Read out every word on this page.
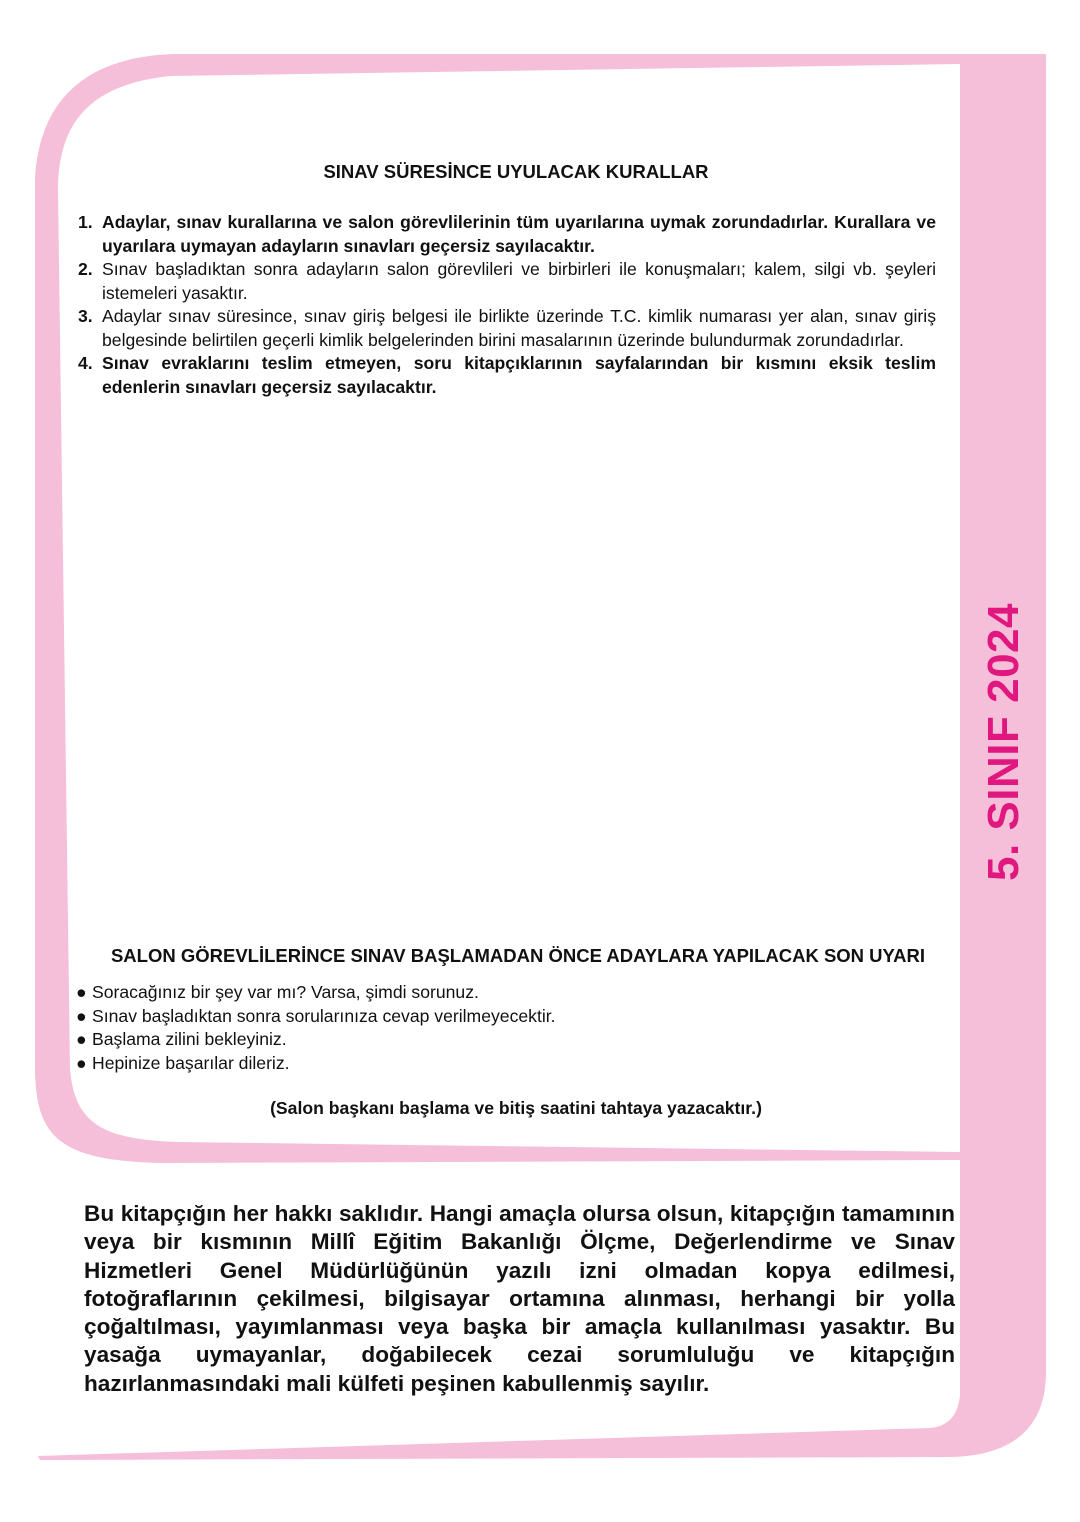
5. SINIF 2024
SINAV SÜRESİNCE UYULACAK KURALLAR
1. Adaylar, sınav kurallarına ve salon görevlilerinin tüm uyarılarına uymak zorundadırlar. Kurallara ve uyarılara uymayan adayların sınavları geçersiz sayılacaktır.
2. Sınav başladıktan sonra adayların salon görevlileri ve birbirleri ile konuşmaları; kalem, silgi vb. şeyleri istemeleri yasaktır.
3. Adaylar sınav süresince, sınav giriş belgesi ile birlikte üzerinde T.C. kimlik numarası yer alan, sınav giriş belgesinde belirtilen geçerli kimlik belgelerinden birini masalarının üzerinde bulundurmak zorundadırlar.
4. Sınav evraklarını teslim etmeyen, soru kitapçıklarının sayfalarından bir kısmını eksik teslim edenlerin sınavları geçersiz sayılacaktır.
SALON GÖREVLİLERİNCE SINAV BAŞLAMADAN ÖNCE ADAYLARA YAPILACAK SON UYARI
● Soracağınız bir şey var mı? Varsa, şimdi sorunuz.
● Sınav başladıktan sonra sorularınıza cevap verilmeyecektir.
● Başlama zilini bekleyiniz.
● Hepinize başarılar dileriz.
(Salon başkanı başlama ve bitiş saatini tahtaya yazacaktır.)

Bu kitapçığın her hakkı saklıdır. Hangi amaçla olursa olsun, kitapçığın tamamının veya bir kısmının Millî Eğitim Bakanlığı Ölçme, Değerlendirme ve Sınav Hizmetleri Genel Müdürlüğünün yazılı izni olmadan kopya edilmesi, fotoğraflarının çekilmesi, bilgisayar ortamına alınması, herhangi bir yolla çoğaltılması, yayımlanması veya başka bir amaçla kullanılması yasaktır. Bu yasağa uymayanlar, doğabilecek cezai sorumluluğu ve kitapçığın hazırlanmasındaki mali külfeti peşinen kabullenmiş sayılır.
